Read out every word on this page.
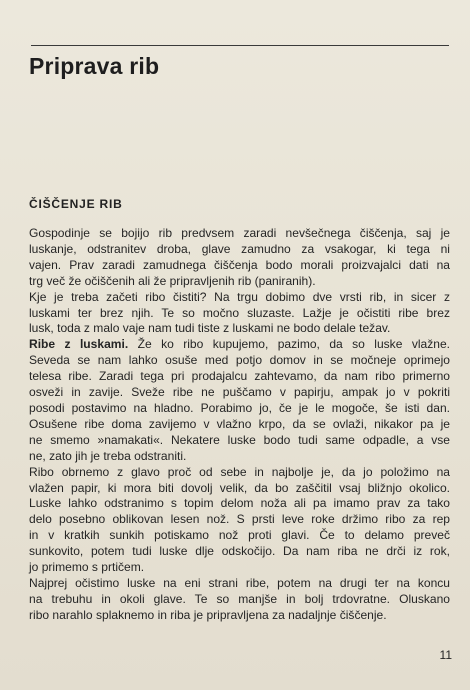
Priprava rib
ČIŠČENJE RIB

Gospodinje se bojijo rib predvsem zaradi nevšečnega čiščenja, saj je
luskanje, odstranitev droba, glave zamudno za vsakogar, ki tega ni
vajen. Prav zaradi zamudnega čiščenja bodo morali proizvajalci dati na
trg več že očiščenih ali že pripravljenih rib (paniranih).

Kje je treba začeti ribo čistiti? Na trgu dobimo dve vrsti rib, in sicer z
luskami ter brez njih. Te so močno sluzaste. Lažje je očistiti ribe brez
lusk, toda z malo vaje nam tudi tiste z luskami ne bodo delale težav.

Ribe z luskami. Že ko ribo kupujemo, pazimo, da so luske vlažne.
Seveda se nam lahko osuše med potjo domov in se močneje oprimejo
telesa ribe. Zaradi tega pri prodajalcu zahtevamo, da nam ribo primerno
osveži in zavije. Sveže ribe ne puščamo v papirju, ampak jo v pokriti
posodi postavimo na hladno. Porabimo jo, če je le mogoče, še isti dan.
Osušene ribe doma zavijemo v vlažno krpo, da se ovlaži, nikakor pa je
ne smemo »namakati«. Nekatere luske bodo tudi same odpadle, a vse
ne, zato jih je treba odstraniti.

Ribo obrnemo z glavo proč od sebe in najbolje je, da jo položimo na
vlažen papir, ki mora biti dovolj velik, da bo zaščitil vsaj bližnjo okolico.
Luske lahko odstranimo s topim delom noža ali pa imamo prav za tako
delo posebno oblikovan lesen nož. S prsti leve roke držimo ribo za rep
in v kratkih sunkih potiskamo nož proti glavi. Če to delamo preveč
sunkovito, potem tudi luske dlje odskočijo. Da nam riba ne drči iz rok,
jo primemo s prtičem.

Najprej očistimo luske na eni strani ribe, potem na drugi ter na koncu
na trebuhu in okoli glave. Te so manjše in bolj trdovratne. Oluskano
ribo narahlo splaknemo in riba je pripravljena za nadaljnje čiščenje.

11
